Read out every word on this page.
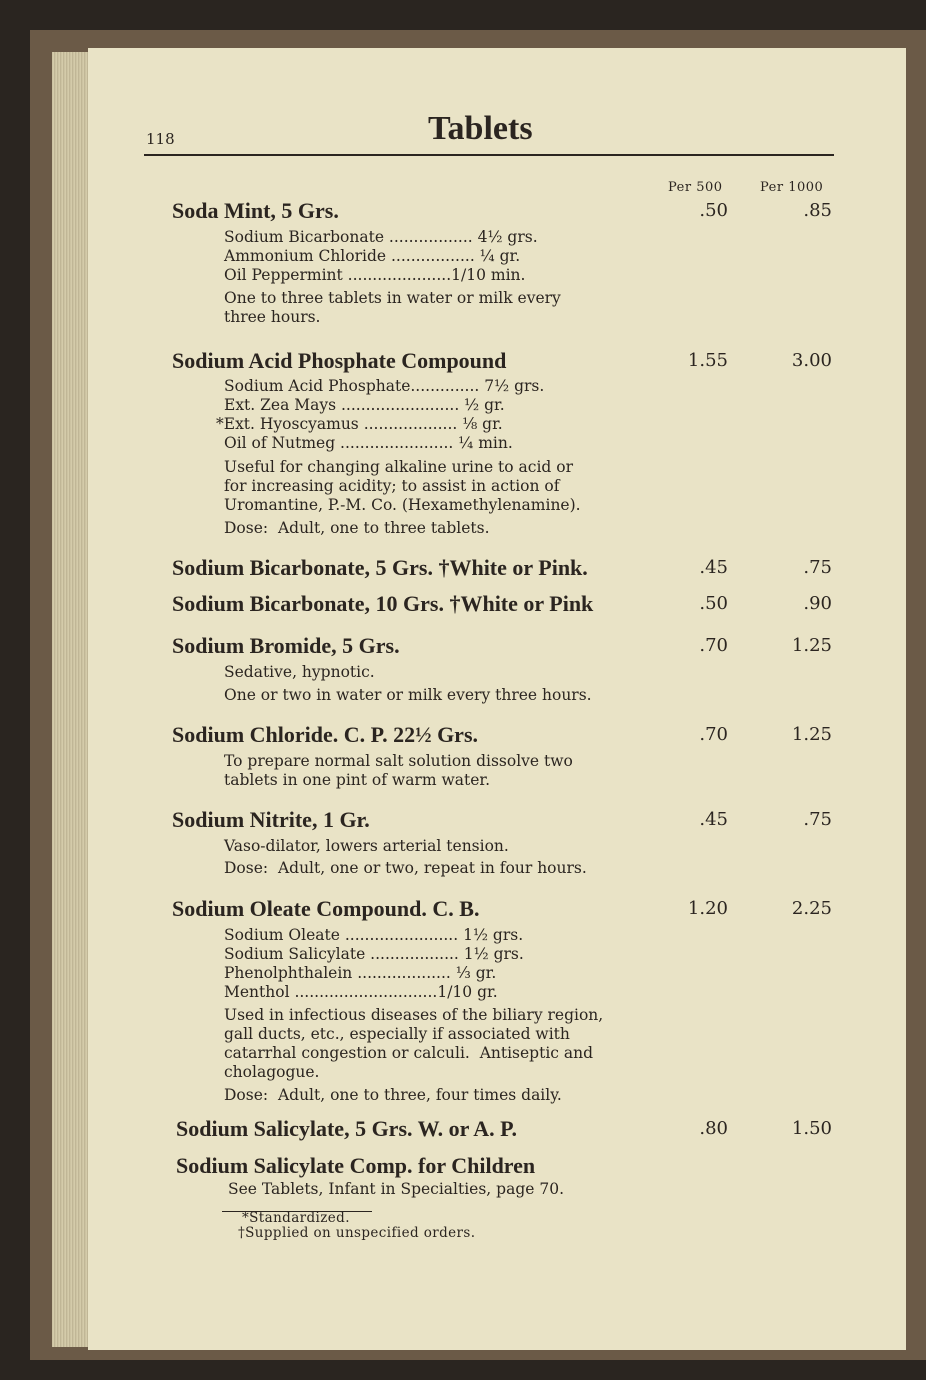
118	Tablets
Per 500	Per 1000
Soda Mint, 5 Grs.	.50	.85
Sodium Bicarbonate ................. 4½ grs.
Ammonium Chloride ................. ¼ gr.
Oil Peppermint .....................1/10 min.
One to three tablets in water or milk every
three hours.
Sodium Acid Phosphate Compound	1.55	3.00
Sodium Acid Phosphate.............. 7½ grs.
Ext. Zea Mays ........................ ½ gr.
*Ext. Hyoscyamus ................... ⅛ gr.
Oil of Nutmeg ....................... ¼ min.
Useful for changing alkaline urine to acid or
for increasing acidity; to assist in action of
Uromantine, P.-M. Co. (Hexamethylenamine).
Dose:  Adult, one to three tablets.
Sodium Bicarbonate, 5 Grs. †White or Pink.	.45	.75
Sodium Bicarbonate, 10 Grs. †White or Pink	.50	.90
Sodium Bromide, 5 Grs.	.70	1.25
Sedative, hypnotic.
One or two in water or milk every three hours.
Sodium Chloride. C. P. 22½ Grs.	.70	1.25
To prepare normal salt solution dissolve two
tablets in one pint of warm water.
Sodium Nitrite, 1 Gr.	.45	.75
Vaso-dilator, lowers arterial tension.
Dose:  Adult, one or two, repeat in four hours.
Sodium Oleate Compound. C. B.	1.20	2.25
Sodium Oleate ....................... 1½ grs.
Sodium Salicylate .................. 1½ grs.
Phenolphthalein ................... ⅓ gr.
Menthol .............................1/10 gr.
Used in infectious diseases of the biliary region,
gall ducts, etc., especially if associated with
catarrhal congestion or calculi.  Antiseptic and
cholagogue.
Dose:  Adult, one to three, four times daily.
Sodium Salicylate, 5 Grs. W. or A. P.	.80	1.50
Sodium Salicylate Comp. for Children
See Tablets, Infant in Specialties, page 70.
*Standardized.
†Supplied on unspecified orders.
